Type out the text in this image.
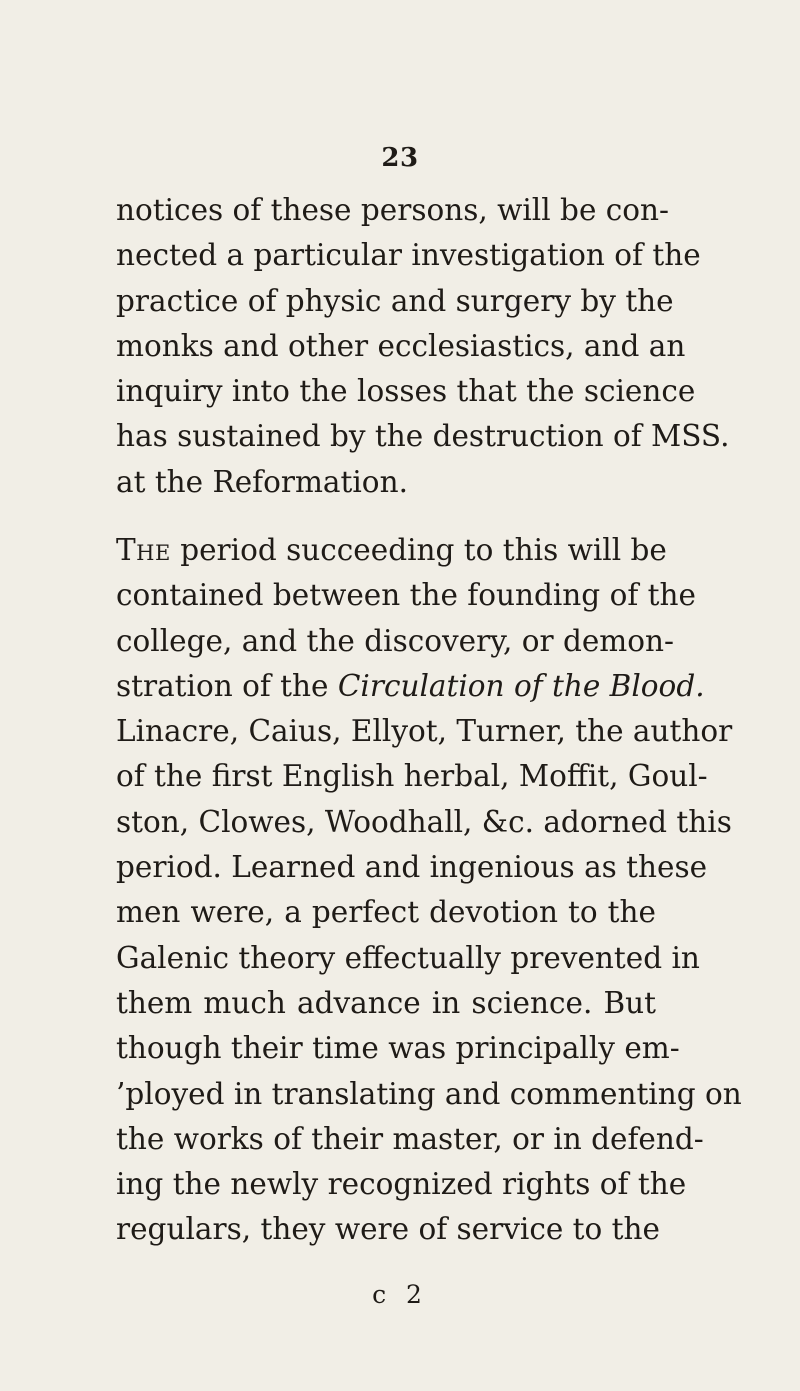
23
notices of these persons, will be con-
nected a particular investigation of the
practice of physic and surgery by the
monks and other ecclesiastics, and an
inquiry into the losses that the science
has sustained by the destruction of MSS.
at the Reformation.
The period succeeding to this will be
contained between the founding of the
college, and the discovery, or demon-
stration of the Circulation of the Blood.
Linacre, Caius, Ellyot, Turner, the author
of the first English herbal, Moffit, Goul-
ston, Clowes, Woodhall, &c. adorned this
period. Learned and ingenious as these
men were, a perfect devotion to the
Galenic theory effectually prevented in
them much advance in science. But
though their time was principally em-
’ployed in translating and commenting on
the works of their master, or in defend-
ing the newly recognized rights of the
regulars, they were of service to the
c 2
